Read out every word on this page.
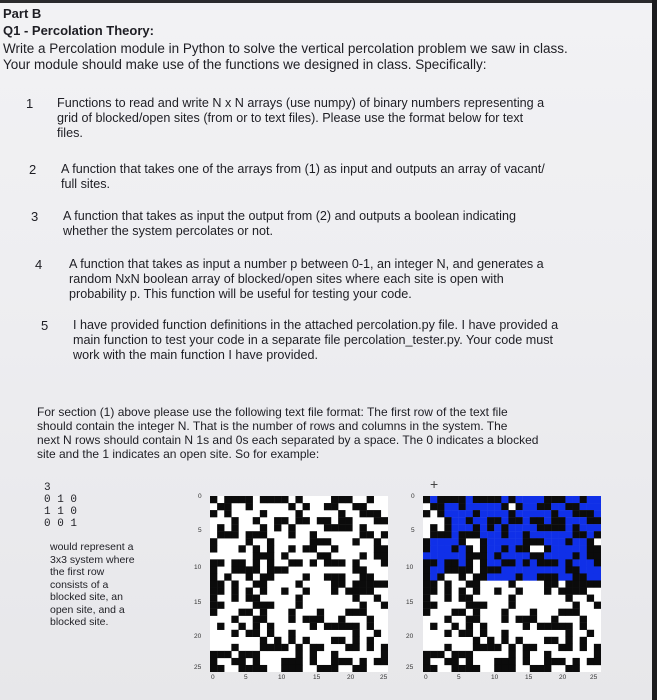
Part B
Q1 - Percolation Theory:
Write a Percolation module in Python to solve the vertical percolation problem we saw in class.
Your module should make use of the functions we designed in class. Specifically:
1 Functions to read and write N x N arrays (use numpy) of binary numbers representing a
grid of blocked/open sites (from or to text files). Please use the format below for text
files.
2 A function that takes one of the arrays from (1) as input and outputs an array of vacant/
full sites.
3 A function that takes as input the output from (2) and outputs a boolean indicating
whether the system percolates or not.
4 A function that takes as input a number p between 0-1, an integer N, and generates a
random NxN boolean array of blocked/open sites where each site is open with
probability p. This function will be useful for testing your code.
5 I have provided function definitions in the attached percolation.py file. I have provided a
main function to test your code in a separate file percolation_tester.py. Your code must
work with the main function I have provided.
For section (1) above please use the following text file format: The first row of the text file
should contain the integer N. That is the number of rows and columns in the system. The
next N rows should contain N 1s and 0s each separated by a space. The 0 indicates a blocked
site and the 1 indicates an open site. So for example:
3
0 1 0
1 1 0
0 0 1
would represent a
3x3 system where
the first row
consists of a
blocked site, an
open site, and a
blocked site.
0
5
10
15
20
25
0	5	10	15	20	25
0
5
10
15
20
25
0	5	10	15	20	25
+
